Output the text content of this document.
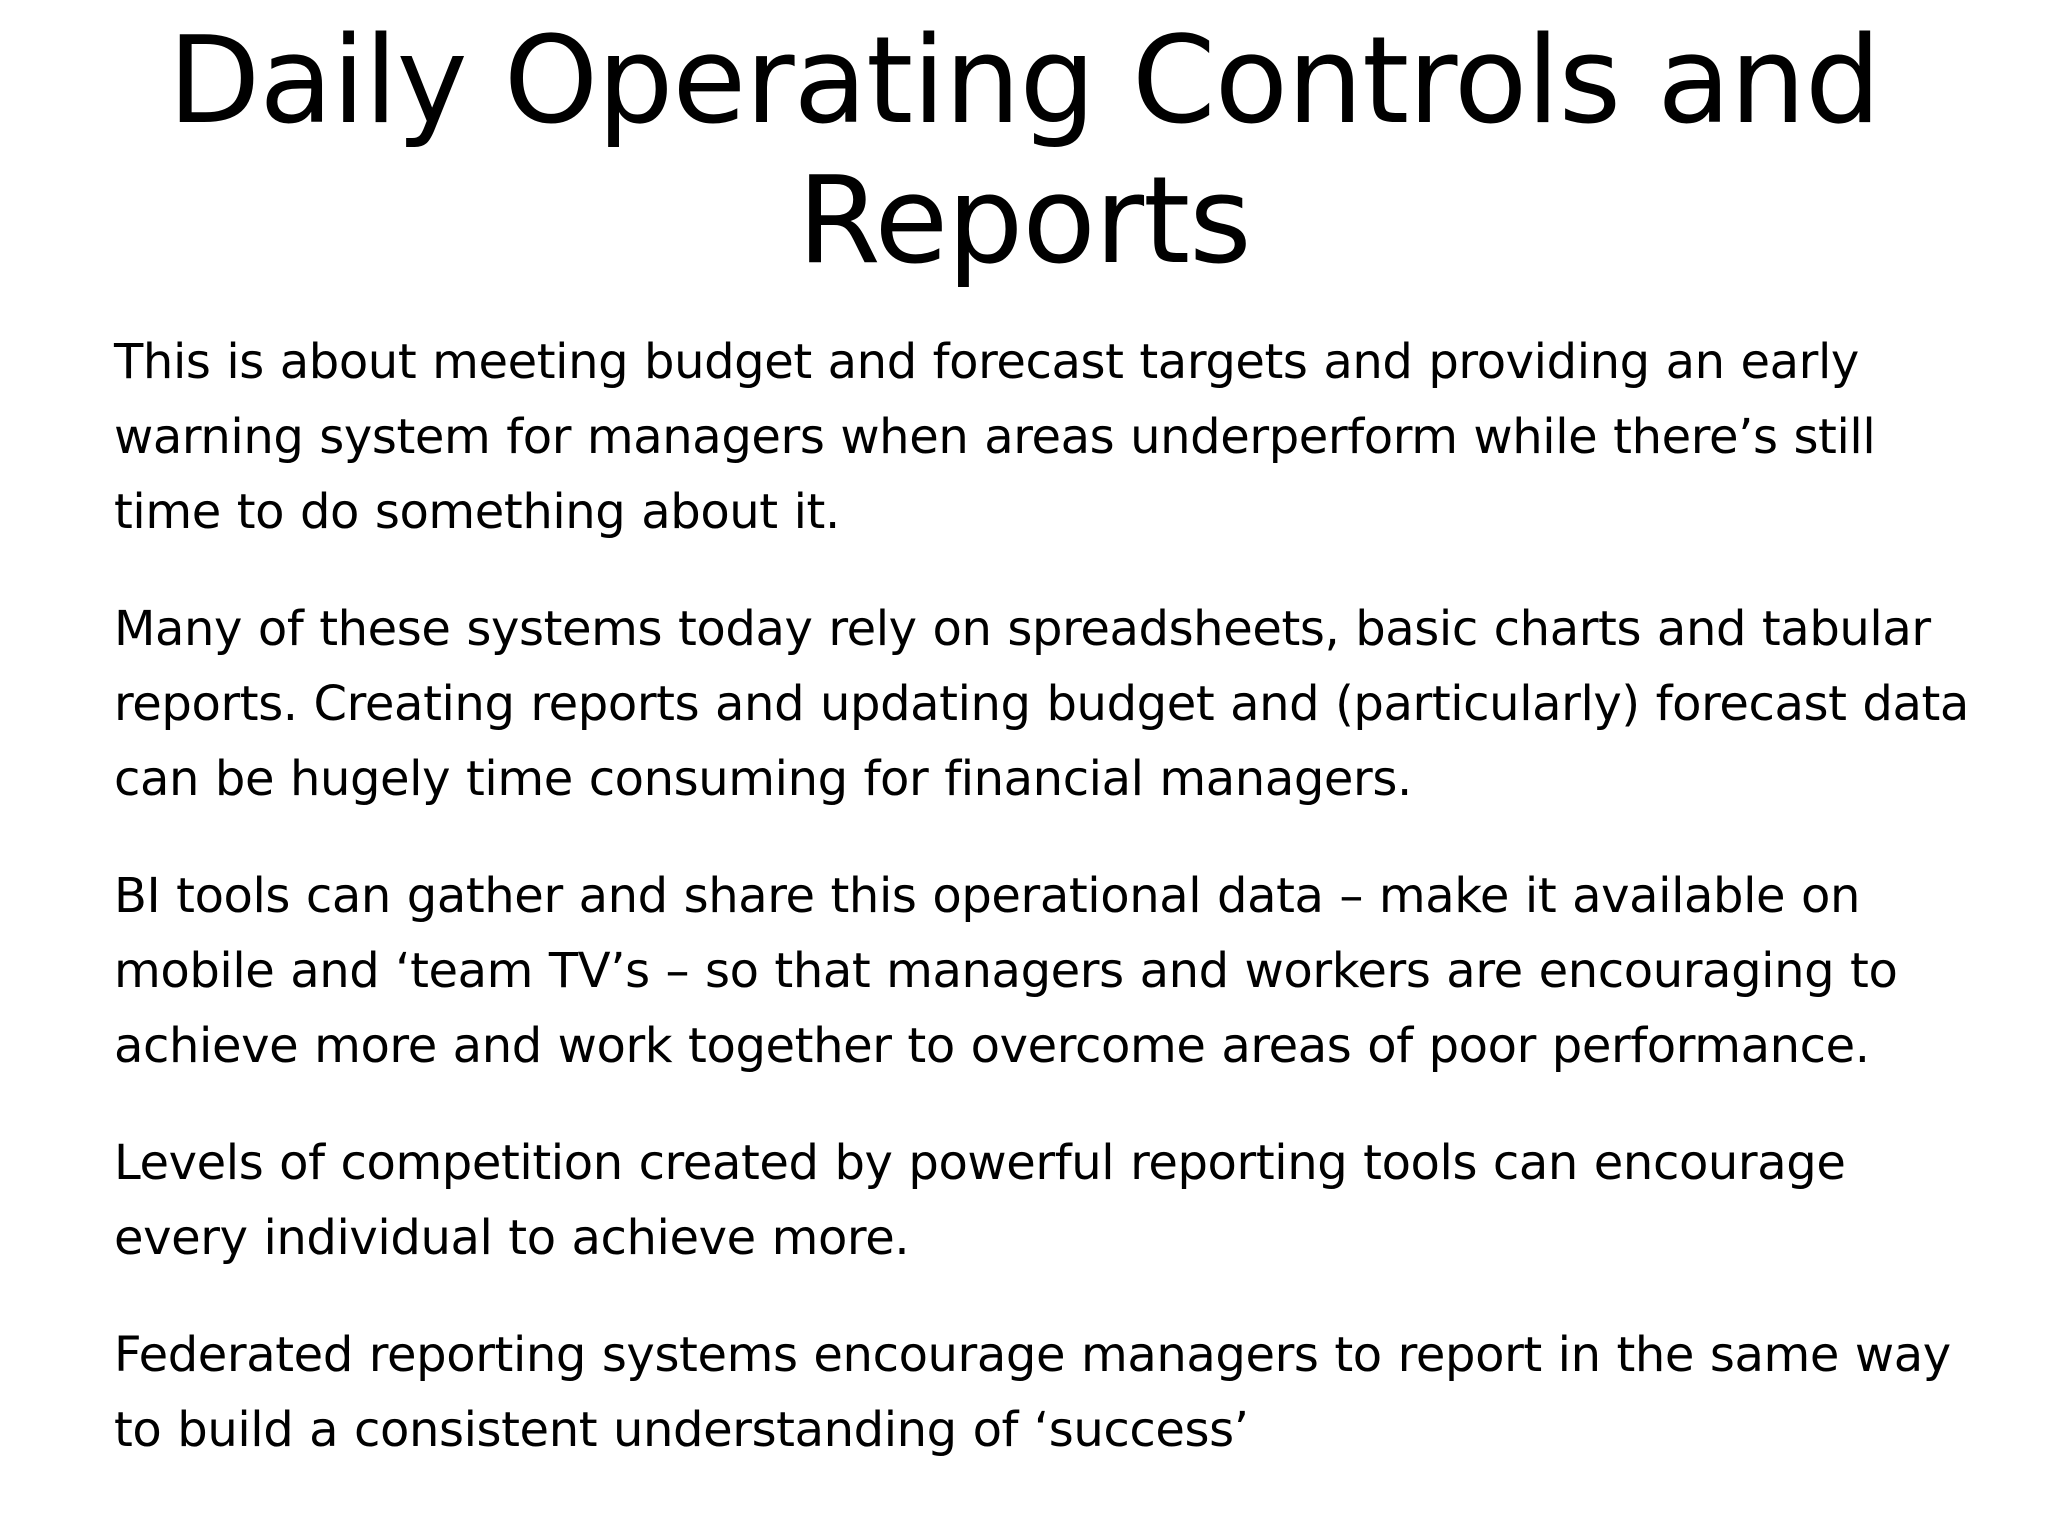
Daily Operating Controls and Reports

This is about meeting budget and forecast targets and providing an early warning system for managers when areas underperform while there’s still time to do something about it.

Many of these systems today rely on spreadsheets, basic charts and tabular reports. Creating reports and updating budget and (particularly) forecast data can be hugely time consuming for financial managers.

BI tools can gather and share this operational data – make it available on mobile and ‘team TV’s – so that managers and workers are encouraging to achieve more and work together to overcome areas of poor performance.

Levels of competition created by powerful reporting tools can encourage every individual to achieve more.

Federated reporting systems encourage managers to report in the same way to build a consistent understanding of ‘success’
